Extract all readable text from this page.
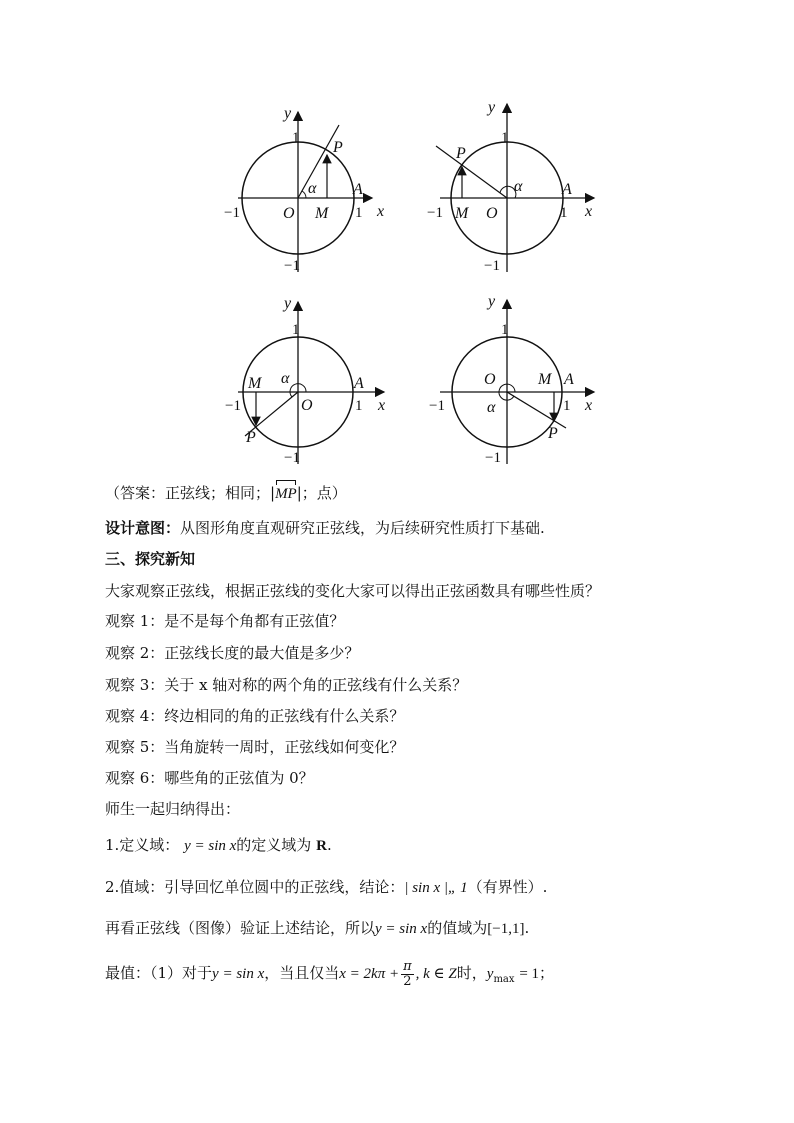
y
1
P
α A
−1	O M 1 x
−1
y
1
P
α A
−1 M O	1 x
−1
y
1
α
M	A
−1	O	1 x
P
−1
y
1
O	M A
−1	α	1 x
P
−1
（答案：正弦线；相同；|MP|；点）
设计意图：从图形角度直观研究正弦线，为后续研究性质打下基础.
三、探究新知
大家观察正弦线，根据正弦线的变化大家可以得出正弦函数具有哪些性质？
观察 1：是不是每个角都有正弦值？
观察 2：正弦线长度的最大值是多少？
观察 3：关于 x 轴对称的两个角的正弦线有什么关系？
观察 4：终边相同的角的正弦线有什么关系？
观察 5：当角旋转一周时，正弦线如何变化？
观察 6：哪些角的正弦值为 0？
师生一起归纳得出：
1.定义域： y = sin x的定义域为 R.
2.值域：引导回忆单位圆中的正弦线，结论：| sin x |„ 1（有界性）.
再看正弦线（图像）验证上述结论，所以y = sin x的值域为[−1,1].
最值：（1）对于y = sin x，当且仅当$x = 2k\pi + \frac{\pi}{2}$ , k ∈ Z时，$y_{max} = 1$；
